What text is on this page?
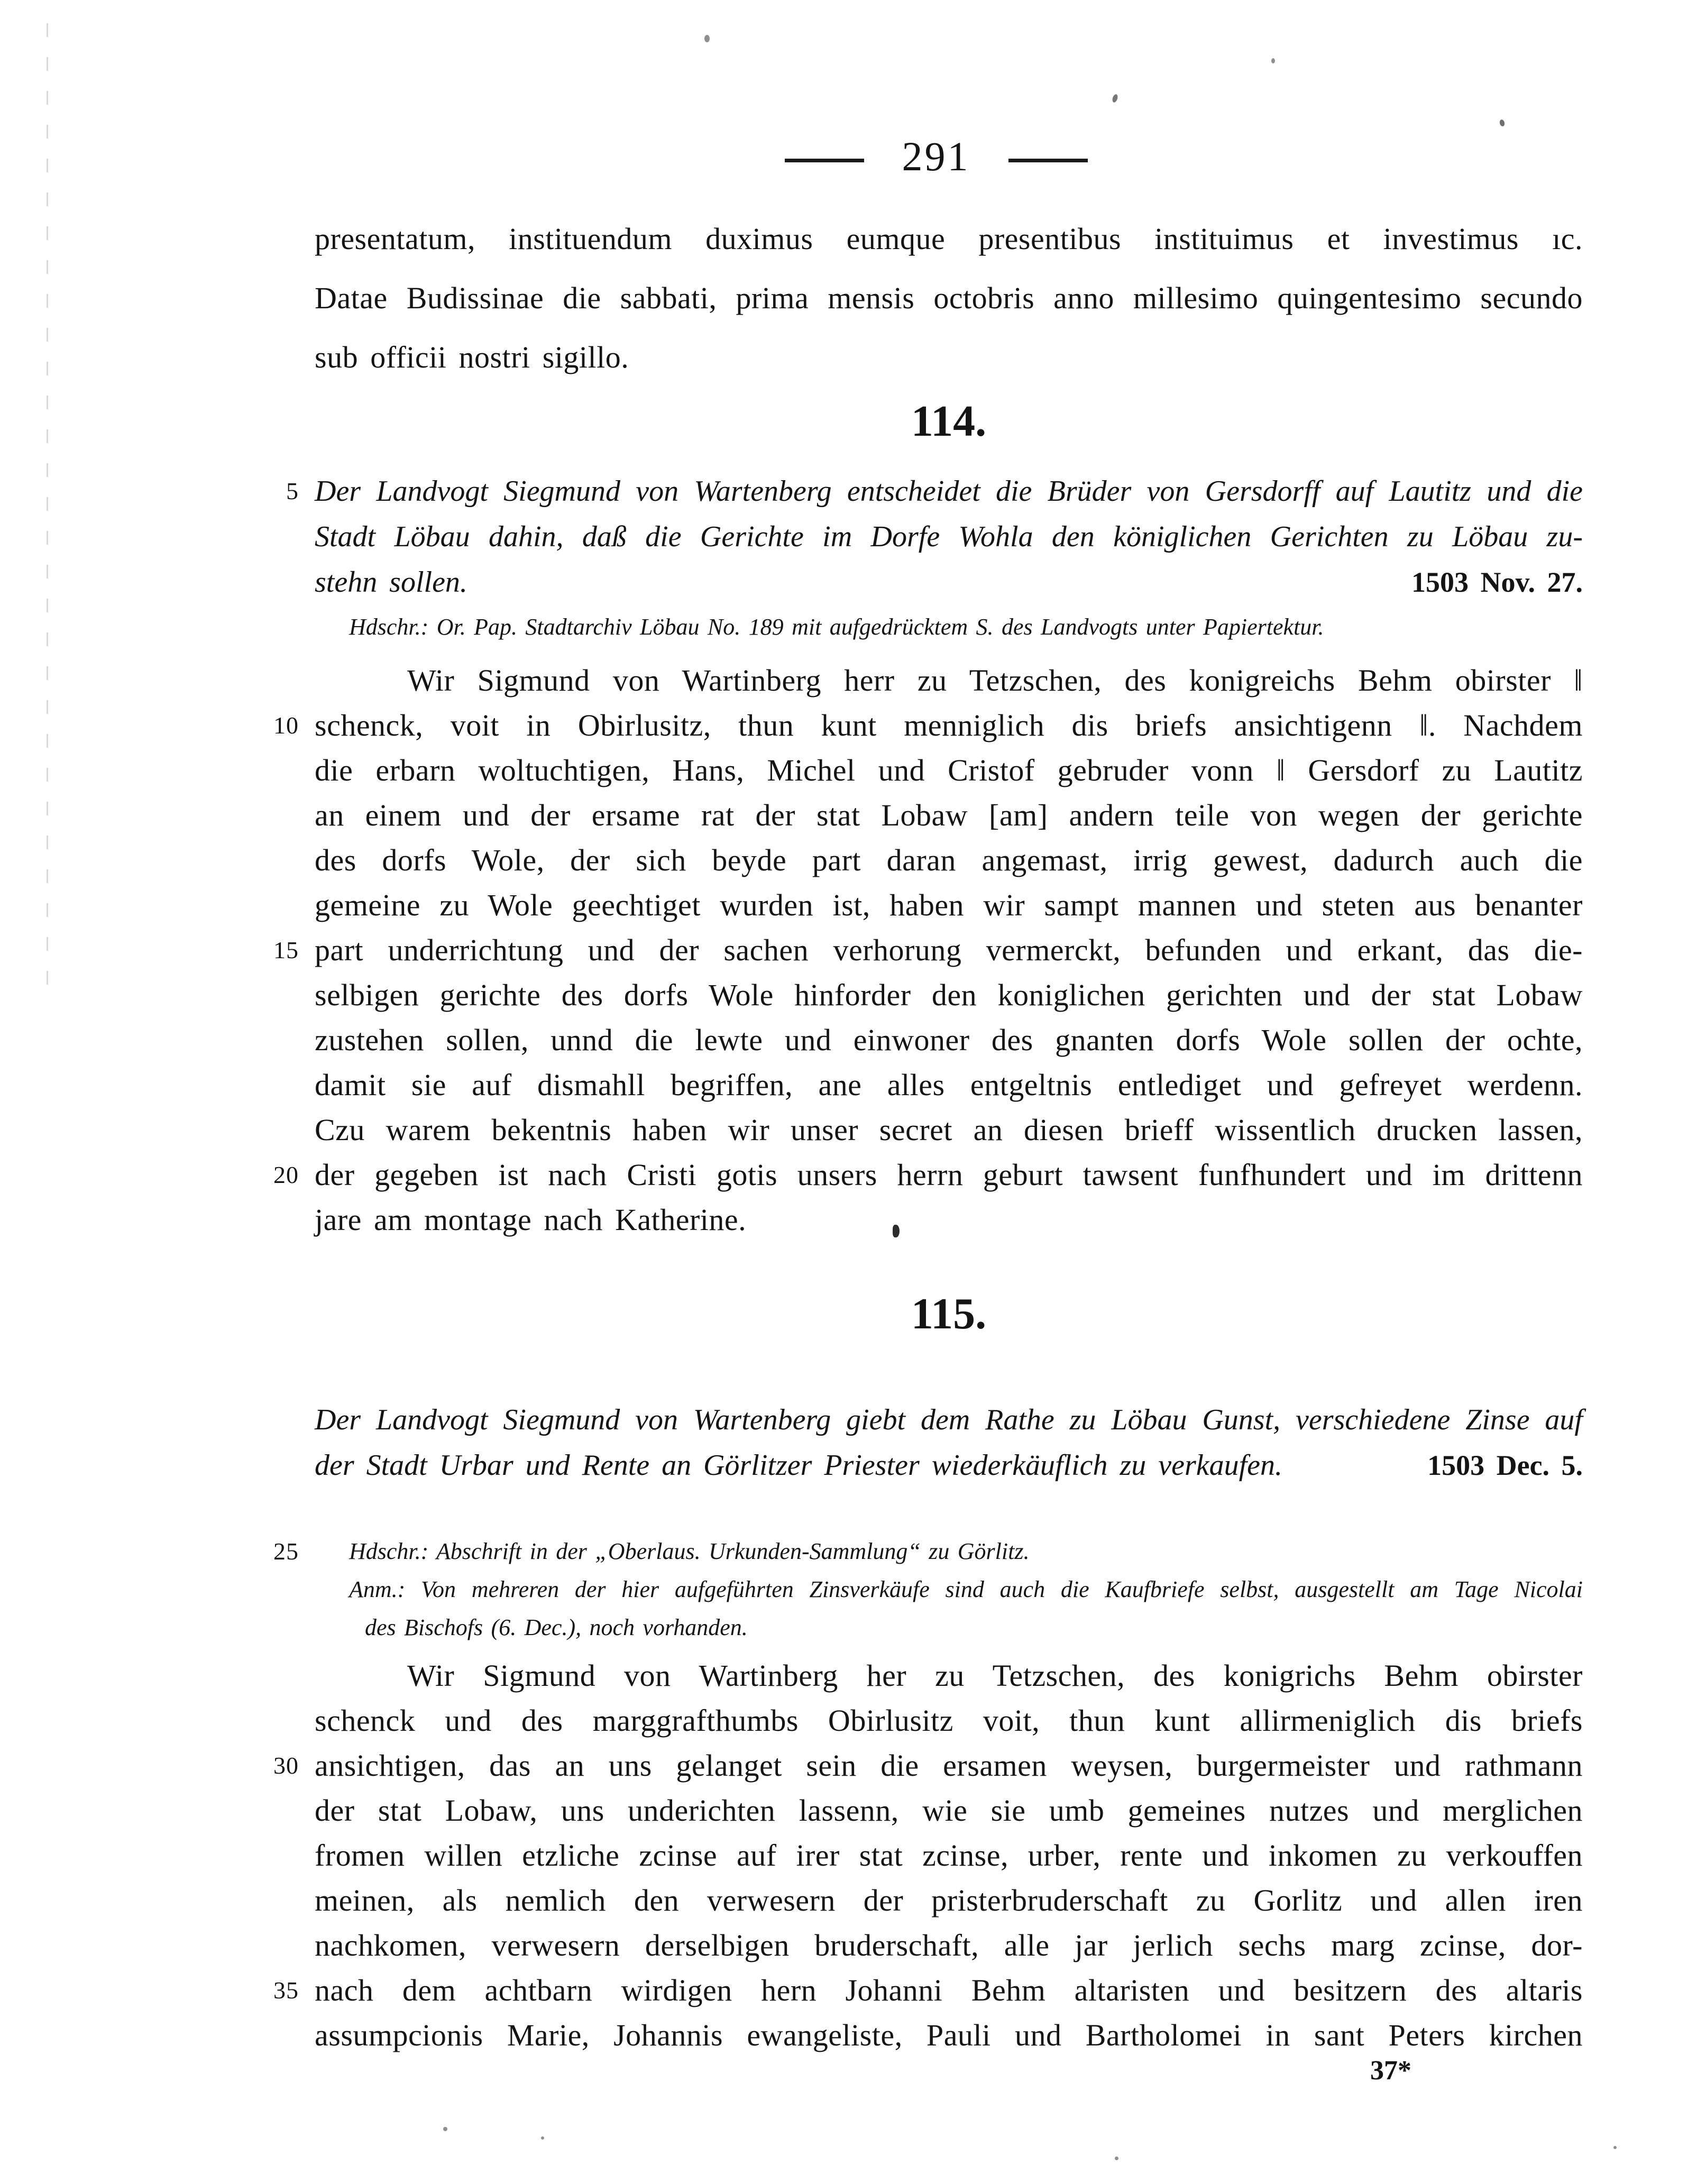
291
presentatum, instituendum duximus eumque presentibus instituimus et investimus ıc.
Datae Budissinae die sabbati, prima mensis octobris anno millesimo quingentesimo secundo
sub officii nostri sigillo.
114.
5 Der Landvogt Siegmund von Wartenberg entscheidet die Brüder von Gersdorff auf Lautitz und die
Stadt Löbau dahin, daß die Gerichte im Dorfe Wohla den königlichen Gerichten zu Löbau zu-
stehn sollen.	1503 Nov. 27.
Hdschr.: Or. Pap. Stadtarchiv Löbau No. 189 mit aufgedrücktem S. des Landvogts unter Papiertektur.
Wir Sigmund von Wartinberg herr zu Tetzschen, des konigreichs Behm obirster ‖
10 schenck, voit in Obirlusitz, thun kunt menniglich dis briefs ansichtigenn ‖. Nachdem
die erbarn woltuchtigen, Hans, Michel und Cristof gebruder vonn ‖ Gersdorf zu Lautitz
an einem und der ersame rat der stat Lobaw [am] andern teile von wegen der gerichte
des dorfs Wole, der sich beyde part daran angemast, irrig gewest, dadurch auch die
gemeine zu Wole geechtiget wurden ist, haben wir sampt mannen und steten aus benanter
15 part underrichtung und der sachen verhorung vermerckt, befunden und erkant, das die-
selbigen gerichte des dorfs Wole hinforder den koniglichen gerichten und der stat Lobaw
zustehen sollen, unnd die lewte und einwoner des gnanten dorfs Wole sollen der ochte,
damit sie auf dismahll begriffen, ane alles entgeltnis entlediget und gefreyet werdenn.
Czu warem bekentnis haben wir unser secret an diesen brieff wissentlich drucken lassen,
20 der gegeben ist nach Cristi gotis unsers herrn geburt tawsent funfhundert und im drittenn
jare am montage nach Katherine.
115.
Der Landvogt Siegmund von Wartenberg giebt dem Rathe zu Löbau Gunst, verschiedene Zinse auf
der Stadt Urbar und Rente an Görlitzer Priester wiederkäuflich zu verkaufen.	1503 Dec. 5.
25 Hdschr.: Abschrift in der „Oberlaus. Urkunden-Sammlung“ zu Görlitz.
Anm.: Von mehreren der hier aufgeführten Zinsverkäufe sind auch die Kaufbriefe selbst, ausgestellt am Tage Nicolai
des Bischofs (6. Dec.), noch vorhanden.
Wir Sigmund von Wartinberg her zu Tetzschen, des konigrichs Behm obirster
schenck und des marggrafthumbs Obirlusitz voit, thun kunt allirmeniglich dis briefs
30 ansichtigen, das an uns gelanget sein die ersamen weysen, burgermeister und rathmann
der stat Lobaw, uns underichten lassenn, wie sie umb gemeines nutzes und merglichen
fromen willen etzliche zcinse auf irer stat zcinse, urber, rente und inkomen zu verkouffen
meinen, als nemlich den verwesern der pristerbruderschaft zu Gorlitz und allen iren
nachkomen, verwesern derselbigen bruderschaft, alle jar jerlich sechs marg zcinse, dor-
35 nach dem achtbarn wirdigen hern Johanni Behm altaristen und besitzern des altaris
assumpcionis Marie, Johannis ewangeliste, Pauli und Bartholomei in sant Peters kirchen
37*
